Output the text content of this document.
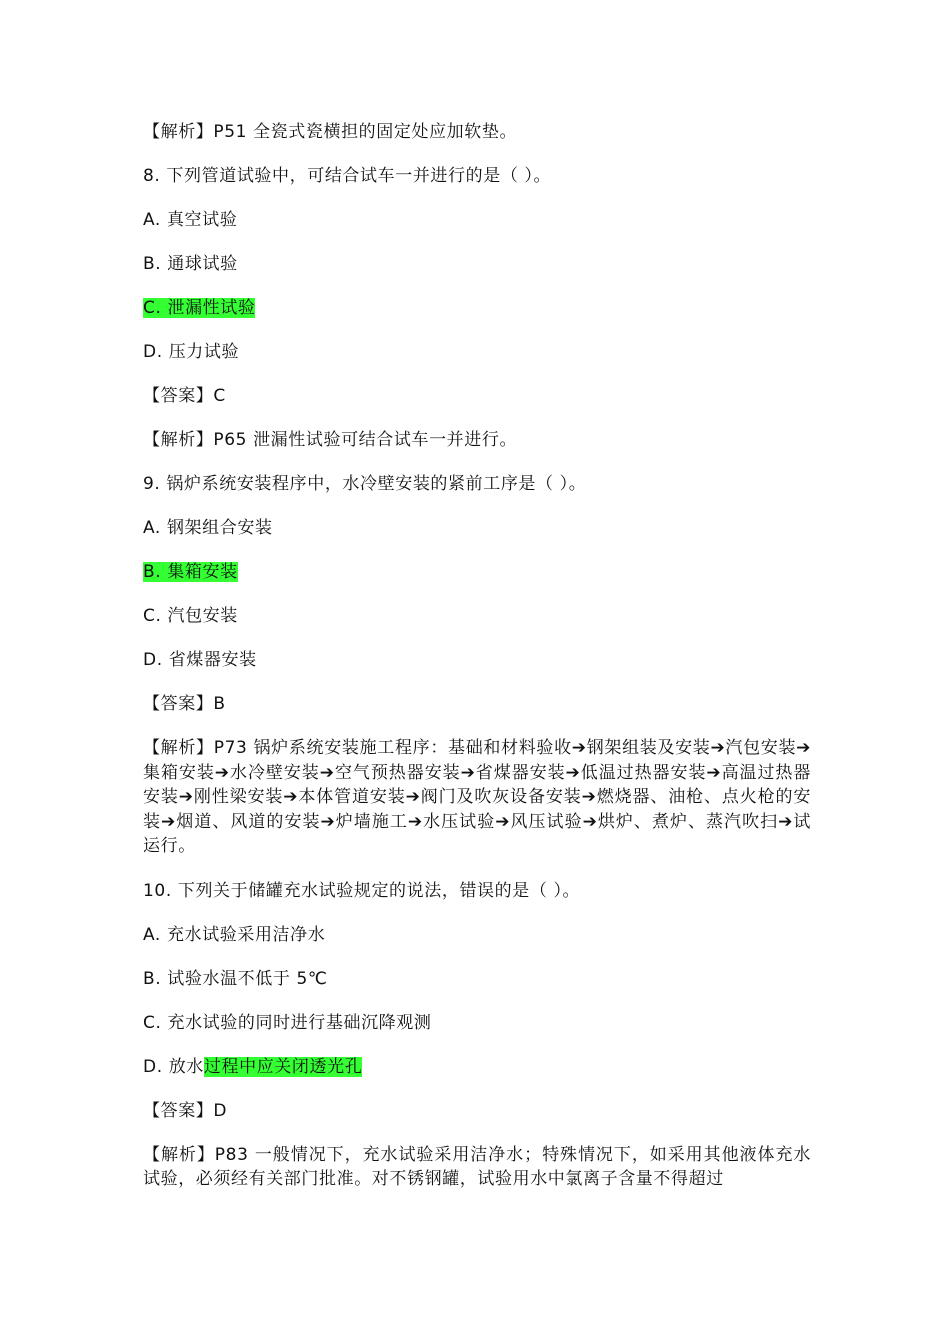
【解析】P51 全瓷式瓷横担的固定处应加软垫。
8. 下列管道试验中，可结合试车一并进行的是（ ）。
A. 真空试验
B. 通球试验
C. 泄漏性试验
D. 压力试验
【答案】C
【解析】P65 泄漏性试验可结合试车一并进行。
9. 锅炉系统安装程序中，水冷壁安装的紧前工序是（ ）。
A. 钢架组合安装
B. 集箱安装
C. 汽包安装
D. 省煤器安装
【答案】B
【解析】P73 锅炉系统安装施工程序：基础和材料验收➔钢架组装及安装➔汽包安装➔集箱安装➔水冷壁安装➔空气预热器安装➔省煤器安装➔低温过热器安装➔高温过热器安装➔刚性梁安装➔本体管道安装➔阀门及吹灰设备安装➔燃烧器、油枪、点火枪的安装➔烟道、风道的安装➔炉墙施工➔水压试验➔风压试验➔烘炉、煮炉、蒸汽吹扫➔试运行。
10. 下列关于储罐充水试验规定的说法，错误的是（ ）。
A. 充水试验采用洁净水
B. 试验水温不低于 5℃
C. 充水试验的同时进行基础沉降观测
D. 放水过程中应关闭透光孔
【答案】D
【解析】P83 一般情况下，充水试验采用洁净水；特殊情况下，如采用其他液体充水试验，必须经有关部门批准。对不锈钢罐，试验用水中氯离子含量不得超过
